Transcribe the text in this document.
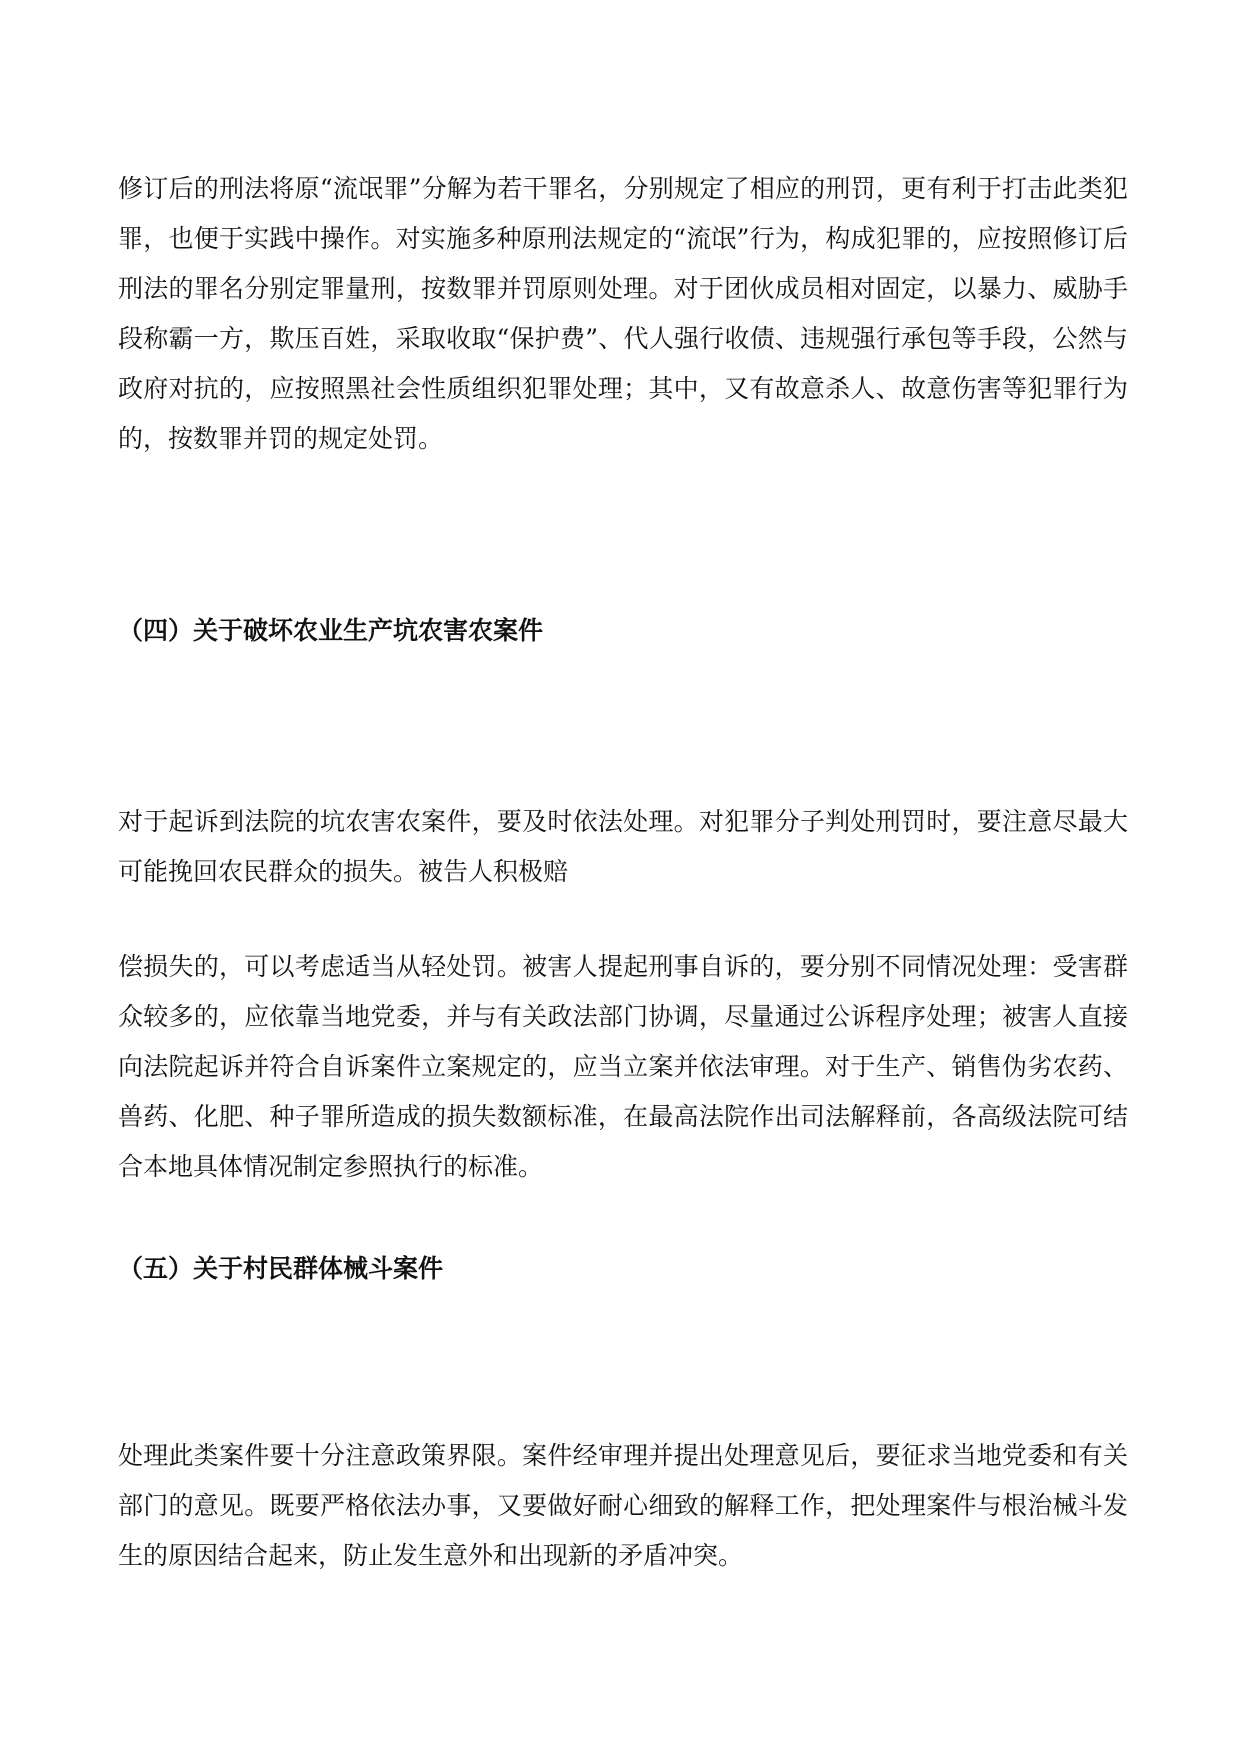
修订后的刑法将原“流氓罪”分解为若干罪名，分别规定了相应的刑罚，更有利于打击此类犯罪，也便于实践中操作。对实施多种原刑法规定的“流氓”行为，构成犯罪的，应按照修订后刑法的罪名分别定罪量刑，按数罪并罚原则处理。对于团伙成员相对固定，以暴力、威胁手段称霸一方，欺压百姓，采取收取“保护费”、代人强行收债、违规强行承包等手段，公然与政府对抗的，应按照黑社会性质组织犯罪处理；其中，又有故意杀人、故意伤害等犯罪行为的，按数罪并罚的规定处罚。

（四）关于破坏农业生产坑农害农案件

对于起诉到法院的坑农害农案件，要及时依法处理。对犯罪分子判处刑罚时，要注意尽最大可能挽回农民群众的损失。被告人积极赔

偿损失的，可以考虑适当从轻处罚。被害人提起刑事自诉的，要分别不同情况处理：受害群众较多的，应依靠当地党委，并与有关政法部门协调，尽量通过公诉程序处理；被害人直接向法院起诉并符合自诉案件立案规定的，应当立案并依法审理。对于生产、销售伪劣农药、兽药、化肥、种子罪所造成的损失数额标准，在最高法院作出司法解释前，各高级法院可结合本地具体情况制定参照执行的标准。

（五）关于村民群体械斗案件

处理此类案件要十分注意政策界限。案件经审理并提出处理意见后，要征求当地党委和有关部门的意见。既要严格依法办事，又要做好耐心细致的解释工作，把处理案件与根治械斗发生的原因结合起来，防止发生意外和出现新的矛盾冲突。
